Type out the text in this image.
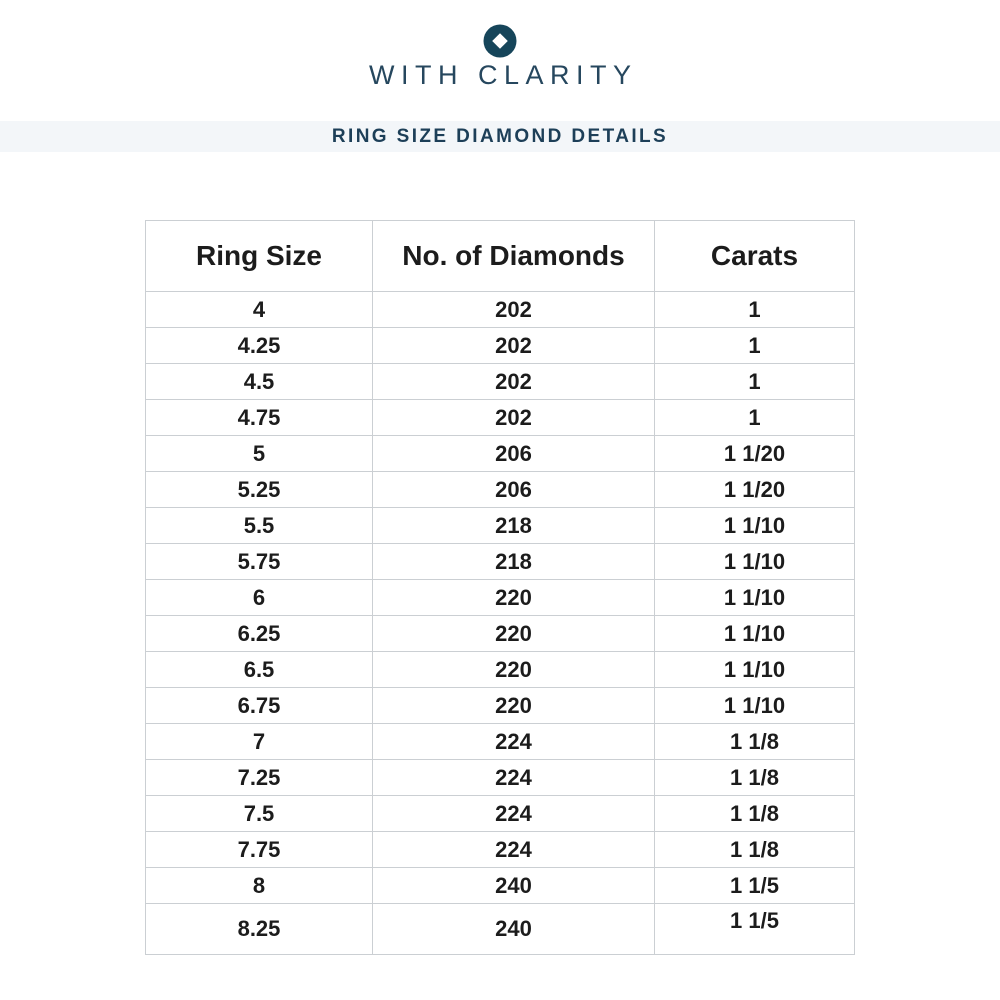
WITH CLARITY
RING SIZE DIAMOND DETAILS
Ring Size	No. of Diamonds	Carats
4	202	1
4.25	202	1
4.5	202	1
4.75	202	1
5	206	1 1/20
5.25	206	1 1/20
5.5	218	1 1/10
5.75	218	1 1/10
6	220	1 1/10
6.25	220	1 1/10
6.5	220	1 1/10
6.75	220	1 1/10
7	224	1 1/8
7.25	224	1 1/8
7.5	224	1 1/8
7.75	224	1 1/8
8	240	1 1/5
8.25	240	1 1/5
